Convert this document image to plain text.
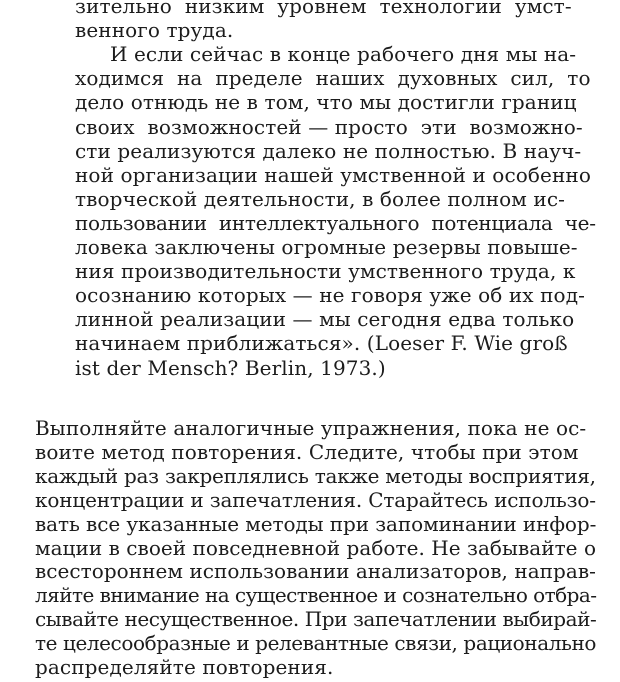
зительно  низким  уровнем  технологии  умст-
венного труда.
И если сейчас в конце рабочего дня мы на-
ходимся  на  пределе  наших  духовных  сил,  то
дело отнюдь не в том, что мы достигли границ
своих  возможностей — просто  эти  возможно-
сти реализуются далеко не полностью. В науч-
ной организации нашей умственной и особенно
творческой деятельности, в более полном ис-
пользовании  интеллектуального  потенциала  че-
ловека заключены огромные резервы повыше-
ния производительности умственного труда, к
осознанию которых — не говоря уже об их под-
линной реализации — мы сегодня едва только
начинаем приближаться». (Loeser F. Wie groß
ist der Mensch? Berlin, 1973.)
Выполняйте аналогичные упражнения, пока не ос-
воите метод повторения. Следите, чтобы при этом
каждый раз закреплялись также методы восприятия,
концентрации и запечатления. Старайтесь использо-
вать все указанные методы при запоминании инфор-
мации в своей повседневной работе. Не забывайте о
всестороннем использовании анализаторов, направ-
ляйте внимание на существенное и сознательно отбра-
сывайте несущественное. При запечатлении выбирай-
те целесообразные и релевантные связи, рационально
распределяйте повторения.
